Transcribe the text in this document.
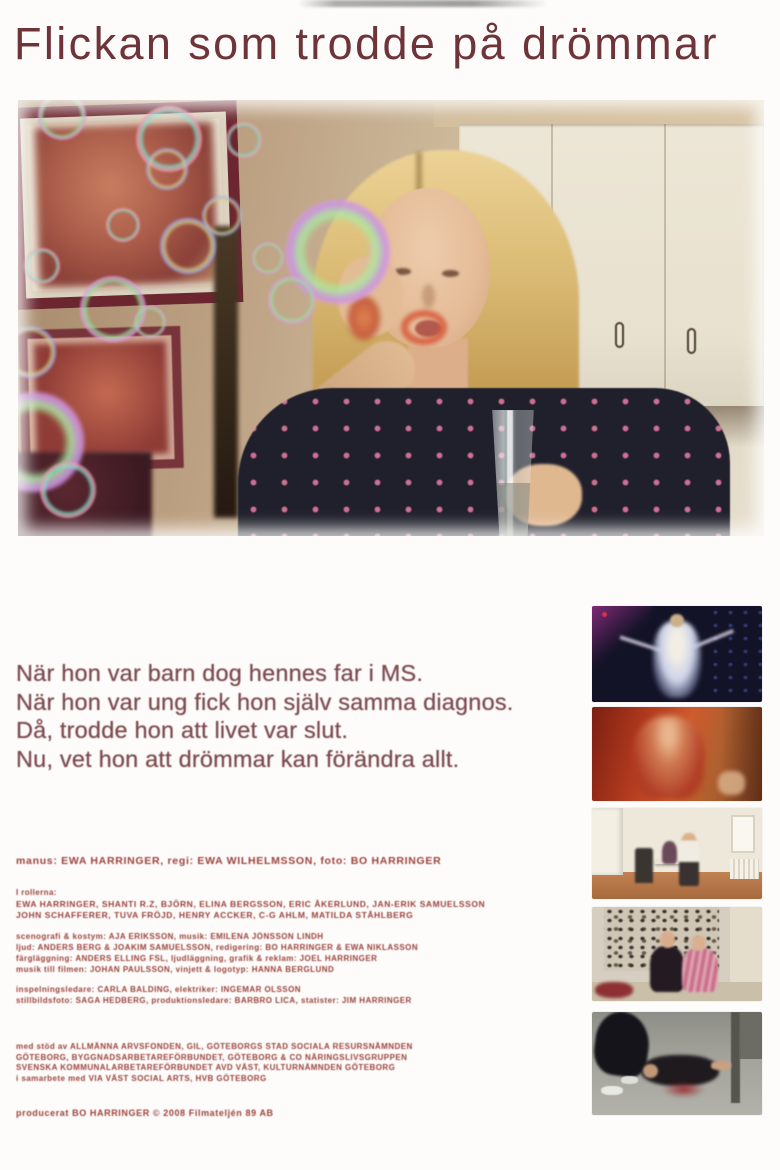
Flickan som trodde på drömmar
När hon var barn dog hennes far i MS.
När hon var ung fick hon själv samma diagnos.
Då, trodde hon att livet var slut.
Nu, vet hon att drömmar kan förändra allt.
manus: EWA HARRINGER, regi: EWA WILHELMSSON, foto: BO HARRINGER
I rollerna:
EWA HARRINGER, SHANTI R.Z, BJÖRN, ELINA BERGSSON, ERIC ÅKERLUND, JAN-ERIK SAMUELSSON
JOHN SCHAFFERER, TUVA FRÖJD, HENRY ACCKER, C-G AHLM, MATILDA STÅHLBERG
scenografi & kostym: AJA ERIKSSON, musik: EMILENA JÖNSSON LINDH
ljud: ANDERS BERG & JOAKIM SAMUELSSON, redigering: BO HARRINGER & EWA NIKLASSON
färgläggning: ANDERS ELLING FSL, ljudläggning, grafik & reklam: JOEL HARRINGER
musik till filmen: JOHAN PAULSSON, vinjett & logotyp: HANNA BERGLUND
inspelningsledare: CARLA BALDING, elektriker: INGEMAR OLSSON
stillbildsfoto: SAGA HEDBERG, produktionsledare: BARBRO LICA, statister: JIM HARRINGER
med stöd av ALLMÄNNA ARVSFONDEN, GIL, GÖTEBORGS STAD SOCIALA RESURSNÄMNDEN
GÖTEBORG, BYGGNADSARBETAREFÖRBUNDET, GÖTEBORG & CO NÄRINGSLIVSGRUPPEN
SVENSKA KOMMUNALARBETAREFÖRBUNDET AVD VÄST, KULTURNÄMNDEN GÖTEBORG
i samarbete med VIA VÄST SOCIAL ARTS, HVB GÖTEBORG
producerat BO HARRINGER © 2008 Filmateljén 89 AB
